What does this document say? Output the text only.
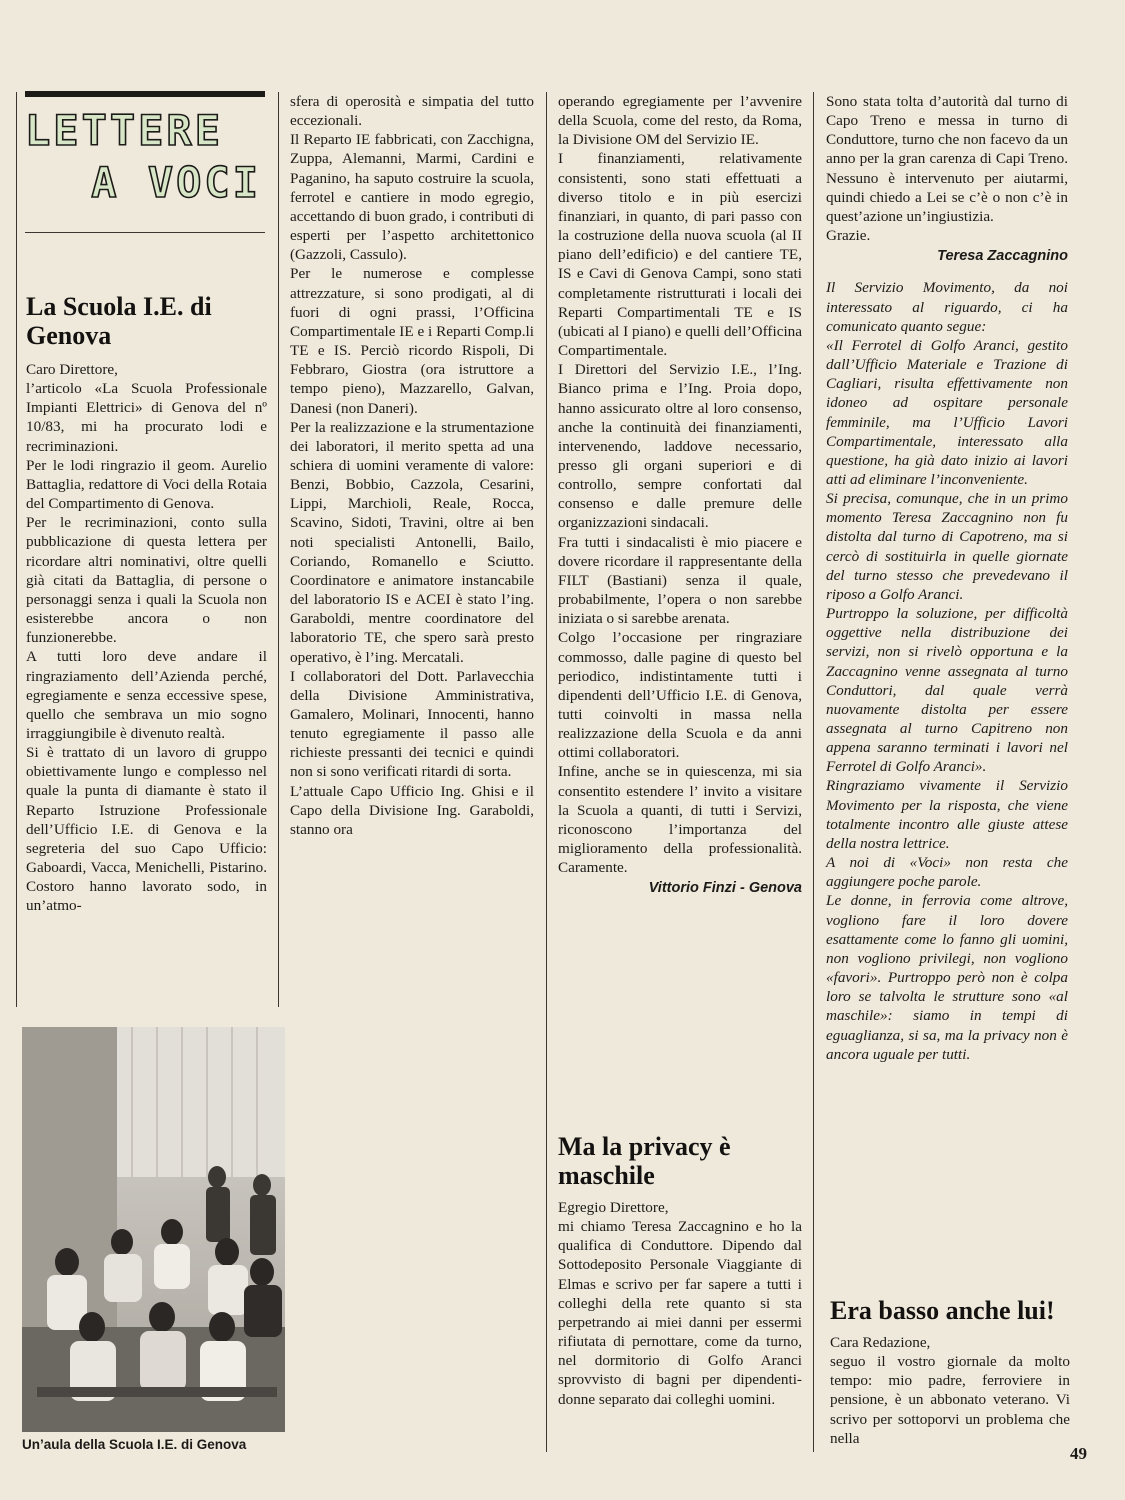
LETTERE
A VOCI
La Scuola I.E. di Genova

Caro Direttore,

l’articolo «La Scuola Professionale Impianti Elettrici» di Genova del nº 10/83, mi ha procurato lodi e recriminazioni.

Per le lodi ringrazio il geom. Aurelio Battaglia, redattore di Voci della Rotaia del Compartimento di Genova.

Per le recriminazioni, conto sulla pubblicazione di questa lettera per ricordare altri nominativi, oltre quelli già citati da Battaglia, di persone o personaggi senza i quali la Scuola non esisterebbe ancora o non funzionerebbe.

A tutti loro deve andare il ringraziamento dell’Azienda perché, egregiamente e senza eccessive spese, quello che sembrava un mio sogno irraggiungibile è divenuto realtà.

Si è trattato di un lavoro di gruppo obiettivamente lungo e complesso nel quale la punta di diamante è stato il Reparto Istruzione Professionale dell’Ufficio I.E. di Genova e la segreteria del suo Capo Ufficio: Gaboardi, Vacca, Menichelli, Pistarino. Costoro hanno lavorato sodo, in un’atmo-

sfera di operosità e simpatia del tutto eccezionali.

Il Reparto IE fabbricati, con Zacchigna, Zuppa, Alemanni, Marmi, Cardini e Paganino, ha saputo costruire la scuola, ferrotel e cantiere in modo egregio, accettando di buon grado, i contributi di esperti per l’aspetto architettonico (Gazzoli, Cassulo).

Per le numerose e complesse attrezzature, si sono prodigati, al di fuori di ogni prassi, l’Officina Compartimentale IE e i Reparti Comp.li TE e IS. Perciò ricordo Rispoli, Di Febbraro, Giostra (ora istruttore a tempo pieno), Mazzarello, Galvan, Danesi (non Daneri).

Per la realizzazione e la strumentazione dei laboratori, il merito spetta ad una schiera di uomini veramente di valore: Benzi, Bobbio, Cazzola, Cesarini, Lippi, Marchioli, Reale, Rocca, Scavino, Sidoti, Travini, oltre ai ben noti specialisti Antonelli, Bailo, Coriando, Romanello e Sciutto. Coordinatore e animatore instancabile del laboratorio IS e ACEI è stato l’ing. Garaboldi, mentre coordinatore del laboratorio TE, che spero sarà presto operativo, è l’ing. Mercatali.

I collaboratori del Dott. Parlavecchia della Divisione Amministrativa, Gamalero, Molinari, Innocenti, hanno tenuto egregiamente il passo alle richieste pressanti dei tecnici e quindi non si sono verificati ritardi di sorta.

L’attuale Capo Ufficio Ing. Ghisi e il Capo della Divisione Ing. Garaboldi, stanno ora

operando egregiamente per l’avvenire della Scuola, come del resto, da Roma, la Divisione OM del Servizio IE.

I finanziamenti, relativamente consistenti, sono stati effettuati a diverso titolo e in più esercizi finanziari, in quanto, di pari passo con la costruzione della nuova scuola (al II piano dell’edificio) e del cantiere TE, IS e Cavi di Genova Campi, sono stati completamente ristrutturati i locali dei Reparti Compartimentali TE e IS (ubicati al I piano) e quelli dell’Officina Compartimentale.

I Direttori del Servizio I.E., l’Ing. Bianco prima e l’Ing. Proia dopo, hanno assicurato oltre al loro consenso, anche la continuità dei finanziamenti, intervenendo, laddove necessario, presso gli organi superiori e di controllo, sempre confortati dal consenso e dalle premure delle organizzazioni sindacali.

Fra tutti i sindacalisti è mio piacere e dovere ricordare il rappresentante della FILT (Bastiani) senza il quale, probabilmente, l’opera o non sarebbe iniziata o si sarebbe arenata.

Colgo l’occasione per ringraziare commosso, dalle pagine di questo bel periodico, indistintamente tutti i dipendenti dell’Ufficio I.E. di Genova, tutti coinvolti in massa nella realizzazione della Scuola e da anni ottimi collaboratori.

Infine, anche se in quiescenza, mi sia consentito estendere l’ invito a visitare la Scuola a quanti, di tutti i Servizi, riconoscono l’importanza del miglioramento della professionalità. Caramente.

Vittorio Finzi - Genova
Ma la privacy è maschile

Egregio Direttore,

mi chiamo Teresa Zaccagnino e ho la qualifica di Conduttore. Dipendo dal Sottodeposito Personale Viaggiante di Elmas e scrivo per far sapere a tutti i colleghi della rete quanto si sta perpetrando ai miei danni per essermi rifiutata di pernottare, come da turno, nel dormitorio di Golfo Aranci sprovvisto di bagni per dipendenti-donne separato dai colleghi uomini.

Sono stata tolta d’autorità dal turno di Capo Treno e messa in turno di Conduttore, turno che non facevo da un anno per la gran carenza di Capi Treno. Nessuno è intervenuto per aiutarmi, quindi chiedo a Lei se c’è o non c’è in quest’azione un’ingiustizia.

Grazie.

Teresa Zaccagnino

Il Servizio Movimento, da noi interessato al riguardo, ci ha comunicato quanto segue:

«Il Ferrotel di Golfo Aranci, gestito dall’Ufficio Materiale e Trazione di Cagliari, risulta effettivamente non idoneo ad ospitare personale femminile, ma l’Ufficio Lavori Compartimentale, interessato alla questione, ha già dato inizio ai lavori atti ad eliminare l’inconveniente.

Si precisa, comunque, che in un primo momento Teresa Zaccagnino non fu distolta dal turno di Capotreno, ma si cercò di sostituirla in quelle giornate del turno stesso che prevedevano il riposo a Golfo Aranci.

Purtroppo la soluzione, per difficoltà oggettive nella distribuzione dei servizi, non si rivelò opportuna e la Zaccagnino venne assegnata al turno Conduttori, dal quale verrà nuovamente distolta per essere assegnata al turno Capitreno non appena saranno terminati i lavori nel Ferrotel di Golfo Aranci».

Ringraziamo vivamente il Servizio Movimento per la risposta, che viene totalmente incontro alle giuste attese della nostra lettrice.

A noi di «Voci» non resta che aggiungere poche parole.

Le donne, in ferrovia come altrove, vogliono fare il loro dovere esattamente come lo fanno gli uomini, non vogliono privilegi, non vogliono «favori». Purtroppo però non è colpa loro se talvolta le strutture sono «al maschile»: siamo in tempi di eguaglianza, si sa, ma la privacy non è ancora uguale per tutti.

Era basso anche lui!

Cara Redazione,

seguo il vostro giornale da molto tempo: mio padre, ferroviere in pensione, è un abbonato veterano. Vi scrivo per sottoporvi un problema che nella

Un’aula della Scuola I.E. di Genova	49
